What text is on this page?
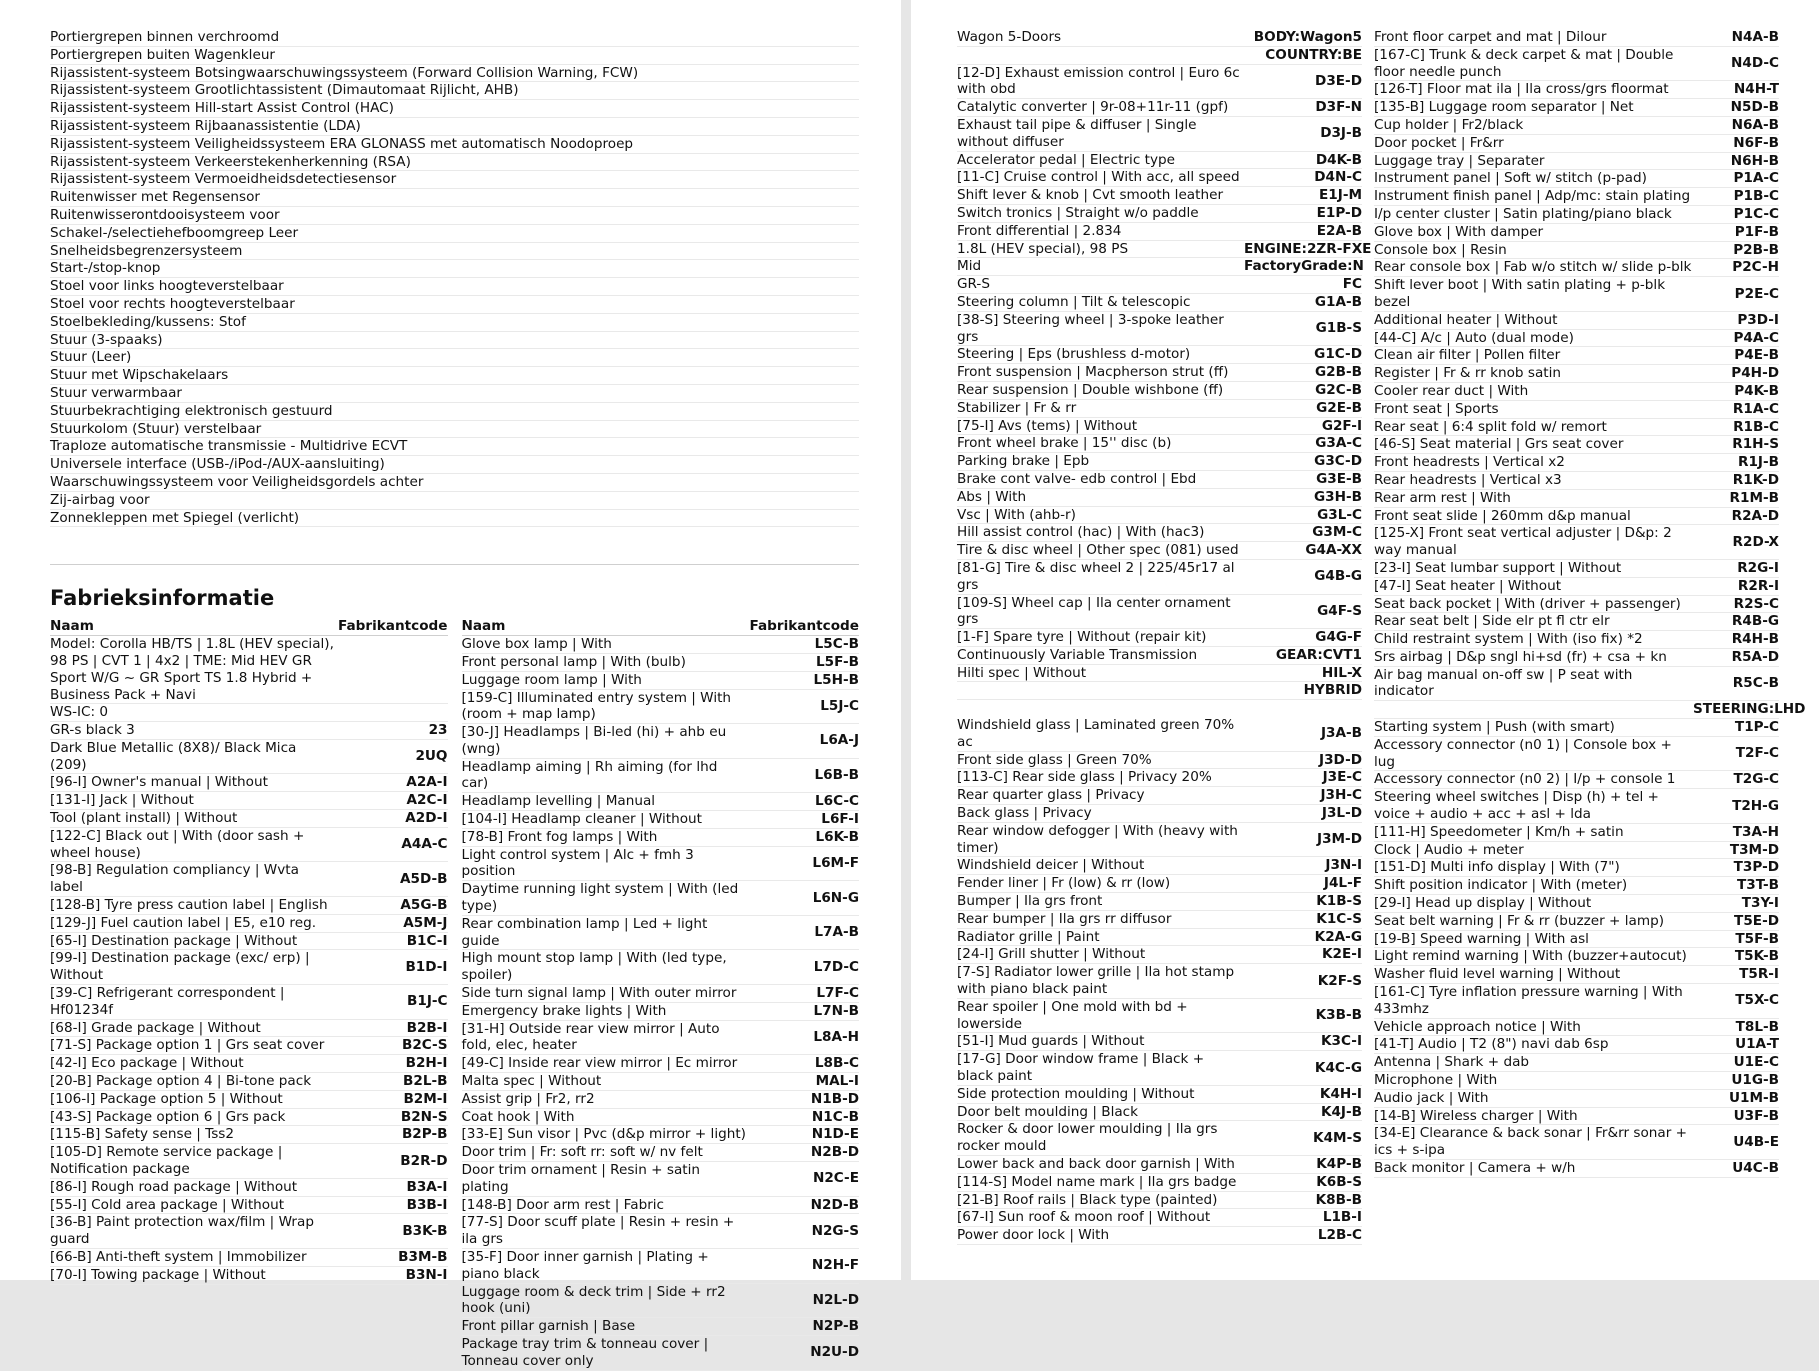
Portiergrepen binnen verchroomd
Portiergrepen buiten Wagenkleur
Rijassistent-systeem Botsingwaarschuwingssysteem (Forward Collision Warning, FCW)
Rijassistent-systeem Grootlichtassistent (Dimautomaat Rijlicht, AHB)
Rijassistent-systeem Hill-start Assist Control (HAC)
Rijassistent-systeem Rijbaanassistentie (LDA)
Rijassistent-systeem Veiligheidssysteem ERA GLONASS met automatisch Noodoproep
Rijassistent-systeem Verkeerstekenherkenning (RSA)
Rijassistent-systeem Vermoeidheidsdetectiesensor
Ruitenwisser met Regensensor
Ruitenwisserontdooisysteem voor
Schakel-/selectiehefboomgreep Leer
Snelheidsbegrenzersysteem
Start-/stop-knop
Stoel voor links hoogteverstelbaar
Stoel voor rechts hoogteverstelbaar
Stoelbekleding/kussens: Stof
Stuur (3-spaaks)
Stuur (Leer)
Stuur met Wipschakelaars
Stuur verwarmbaar
Stuurbekrachtiging elektronisch gestuurd
Stuurkolom (Stuur) verstelbaar
Traploze automatische transmissie - Multidrive ECVT
Universele interface (USB-/iPod-/AUX-aansluiting)
Waarschuwingssysteem voor Veiligheidsgordels achter
Zij-airbag voor
Zonnekleppen met Spiegel (verlicht)
Fabrieksinformatie
Naam	Fabrikantcode
Model: Corolla HB/TS | 1.8L (HEV special), 98 PS | CVT 1 | 4x2 | TME: Mid HEV GR Sport W/G ~ GR Sport TS 1.8 Hybrid + Business Pack + Navi	
WS-IC: 0	
GR-s black 3	23
Dark Blue Metallic (8X8)/ Black Mica (209)	2UQ
[96-I] Owner's manual | Without	A2A-I
[131-I] Jack | Without	A2C-I
Tool (plant install) | Without	A2D-I
[122-C] Black out | With (door sash + wheel house)	A4A-C
[98-B] Regulation compliancy | Wvta label	A5D-B
[128-B] Tyre press caution label | English	A5G-B
[129-J] Fuel caution label | E5, e10 reg.	A5M-J
[65-I] Destination package | Without	B1C-I
[99-I] Destination package (exc/ erp) | Without	B1D-I
[39-C] Refrigerant correspondent | Hf01234f	B1J-C
[68-I] Grade package | Without	B2B-I
[71-S] Package option 1 | Grs seat cover	B2C-S
[42-I] Eco package | Without	B2H-I
[20-B] Package option 4 | Bi-tone pack	B2L-B
[106-I] Package option 5 | Without	B2M-I
[43-S] Package option 6 | Grs pack	B2N-S
[115-B] Safety sense | Tss2	B2P-B
[105-D] Remote service package | Notification package	B2R-D
[86-I] Rough road package | Without	B3A-I
[55-I] Cold area package | Without	B3B-I
[36-B] Paint protection wax/film | Wrap guard	B3K-B
[66-B] Anti-theft system | Immobilizer	B3M-B
[70-I] Towing package | Without	B3N-I
Naam	Fabrikantcode
Glove box lamp | With	L5C-B
Front personal lamp | With (bulb)	L5F-B
Luggage room lamp | With	L5H-B
[159-C] Illuminated entry system | With (room + map lamp)	L5J-C
[30-J] Headlamps | Bi-led (hi) + ahb eu (wng)	L6A-J
Headlamp aiming | Rh aiming (for lhd car)	L6B-B
Headlamp levelling | Manual	L6C-C
[104-I] Headlamp cleaner | Without	L6F-I
[78-B] Front fog lamps | With	L6K-B
Light control system | Alc + fmh 3 position	L6M-F
Daytime running light system | With (led type)	L6N-G
Rear combination lamp | Led + light guide	L7A-B
High mount stop lamp | With (led type, spoiler)	L7D-C
Side turn signal lamp | With outer mirror	L7F-C
Emergency brake lights | With	L7N-B
[31-H] Outside rear view mirror | Auto fold, elec, heater	L8A-H
[49-C] Inside rear view mirror | Ec mirror	L8B-C
Malta spec | Without	MAL-I
Assist grip | Fr2, rr2	N1B-D
Coat hook | With	N1C-B
[33-E] Sun visor | Pvc (d&p mirror + light)	N1D-E
Door trim | Fr: soft rr: soft w/ nv felt	N2B-D
Door trim ornament | Resin + satin plating	N2C-E
[148-B] Door arm rest | Fabric	N2D-B
[77-S] Door scuff plate | Resin + resin + ila grs	N2G-S
[35-F] Door inner garnish | Plating + piano black	N2H-F
Luggage room & deck trim | Side + rr2 hook (uni)	N2L-D
Front pillar garnish | Base	N2P-B
Package tray trim & tonneau cover | Tonneau cover only	N2U-D
Wagon 5-Doors	BODY:Wagon5
	COUNTRY:BE
[12-D] Exhaust emission control | Euro 6c with obd	D3E-D
Catalytic converter | 9r-08+11r-11 (gpf)	D3F-N
Exhaust tail pipe & diffuser | Single without diffuser	D3J-B
Accelerator pedal | Electric type	D4K-B
[11-C] Cruise control | With acc, all speed	D4N-C
Shift lever & knob | Cvt smooth leather	E1J-M
Switch tronics | Straight w/o paddle	E1P-D
Front differential | 2.834	E2A-B
1.8L (HEV special), 98 PS	ENGINE:2ZR-FXE
Mid	FactoryGrade:N
GR-S	FC
Steering column | Tilt & telescopic	G1A-B
[38-S] Steering wheel | 3-spoke leather grs	G1B-S
Steering | Eps (brushless d-motor)	G1C-D
Front suspension | Macpherson strut (ff)	G2B-B
Rear suspension | Double wishbone (ff)	G2C-B
Stabilizer | Fr & rr	G2E-B
[75-I] Avs (tems) | Without	G2F-I
Front wheel brake | 15'' disc (b)	G3A-C
Parking brake | Epb	G3C-D
Brake cont valve- edb control | Ebd	G3E-B
Abs | With	G3H-B
Vsc | With (ahb-r)	G3L-C
Hill assist control (hac) | With (hac3)	G3M-C
Tire & disc wheel | Other spec (081) used	G4A-XX
[81-G] Tire & disc wheel 2 | 225/45r17 al grs	G4B-G
[109-S] Wheel cap | Ila center ornament grs	G4F-S
[1-F] Spare tyre | Without (repair kit)	G4G-F
Continuously Variable Transmission	GEAR:CVT1
Hilti spec | Without	HIL-X
	HYBRID

Windshield glass | Laminated green 70% ac	J3A-B
Front side glass | Green 70%	J3D-D
[113-C] Rear side glass | Privacy 20%	J3E-C
Rear quarter glass | Privacy	J3H-C
Back glass | Privacy	J3L-D
Rear window defogger | With (heavy with timer)	J3M-D
Windshield deicer | Without	J3N-I
Fender liner | Fr (low) & rr (low)	J4L-F
Bumper | Ila grs front	K1B-S
Rear bumper | Ila grs rr diffusor	K1C-S
Radiator grille | Paint	K2A-G
[24-I] Grill shutter | Without	K2E-I
[7-S] Radiator lower grille | Ila hot stamp with piano black paint	K2F-S
Rear spoiler | One mold with bd + lowerside	K3B-B
[51-I] Mud guards | Without	K3C-I
[17-G] Door window frame | Black + black paint	K4C-G
Side protection moulding | Without	K4H-I
Door belt moulding | Black	K4J-B
Rocker & door lower moulding | Ila grs rocker mould	K4M-S
Lower back and back door garnish | With	K4P-B
[114-S] Model name mark | Ila grs badge	K6B-S
[21-B] Roof rails | Black type (painted)	K8B-B
[67-I] Sun roof & moon roof | Without	L1B-I
Power door lock | With	L2B-C
Front floor carpet and mat | Dilour	N4A-B
[167-C] Trunk & deck carpet & mat | Double floor needle punch	N4D-C
[126-T] Floor mat ila | Ila cross/grs floormat	N4H-T
[135-B] Luggage room separator | Net	N5D-B
Cup holder | Fr2/black	N6A-B
Door pocket | Fr&rr	N6F-B
Luggage tray | Separater	N6H-B
Instrument panel | Soft w/ stitch (p-pad)	P1A-C
Instrument finish panel | Adp/mc: stain plating	P1B-C
I/p center cluster | Satin plating/piano black	P1C-C
Glove box | With damper	P1F-B
Console box | Resin	P2B-B
Rear console box | Fab w/o stitch w/ slide p-blk	P2C-H
Shift lever boot | With satin plating + p-blk bezel	P2E-C
Additional heater | Without	P3D-I
[44-C] A/c | Auto (dual mode)	P4A-C
Clean air filter | Pollen filter	P4E-B
Register | Fr & rr knob satin	P4H-D
Cooler rear duct | With	P4K-B
Front seat | Sports	R1A-C
Rear seat | 6:4 split fold w/ remort	R1B-C
[46-S] Seat material | Grs seat cover	R1H-S
Front headrests | Vertical x2	R1J-B
Rear headrests | Vertical x3	R1K-D
Rear arm rest | With	R1M-B
Front seat slide | 260mm d&p manual	R2A-D
[125-X] Front seat vertical adjuster | D&p: 2 way manual	R2D-X
[23-I] Seat lumbar support | Without	R2G-I
[47-I] Seat heater | Without	R2R-I
Seat back pocket | With (driver + passenger)	R2S-C
Rear seat belt | Side elr pt fl ctr elr	R4B-G
Child restraint system | With (iso fix) *2	R4H-B
Srs airbag | D&p sngl hi+sd (fr) + csa + kn	R5A-D
Air bag manual on-off sw | P seat with indicator	R5C-B
	STEERING:LHD
Starting system | Push (with smart)	T1P-C
Accessory connector (n0 1) | Console box + lug	T2F-C
Accessory connector (n0 2) | I/p + console 1	T2G-C
Steering wheel switches | Disp (h) + tel + voice + audio + acc + asl + lda	T2H-G
[111-H] Speedometer | Km/h + satin	T3A-H
Clock | Audio + meter	T3M-D
[151-D] Multi info display | With (7")	T3P-D
Shift position indicator | With (meter)	T3T-B
[29-I] Head up display | Without	T3Y-I
Seat belt warning | Fr & rr (buzzer + lamp)	T5E-D
[19-B] Speed warning | With asl	T5F-B
Light remind warning | With (buzzer+autocut)	T5K-B
Washer fluid level warning | Without	T5R-I
[161-C] Tyre inflation pressure warning | With 433mhz	T5X-C
Vehicle approach notice | With	T8L-B
[41-T] Audio | T2 (8") navi dab 6sp	U1A-T
Antenna | Shark + dab	U1E-C
Microphone | With	U1G-B
Audio jack | With	U1M-B
[14-B] Wireless charger | With	U3F-B
[34-E] Clearance & back sonar | Fr&rr sonar + ics + s-ipa	U4B-E
Back monitor | Camera + w/h	U4C-B
